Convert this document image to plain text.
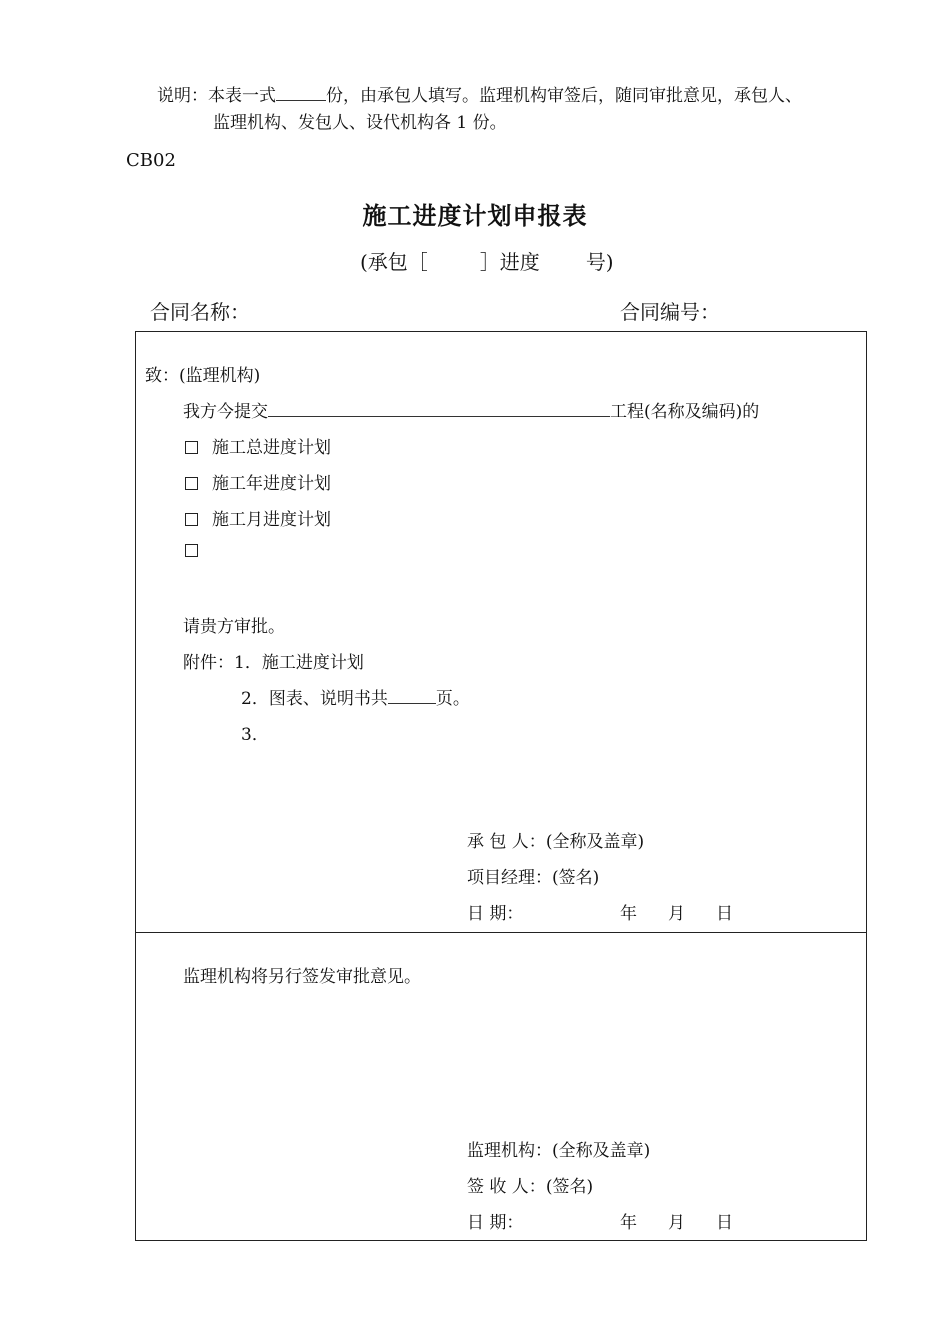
说明：本表一式	份，由承包人填写。监理机构审签后，随同审批意见，承包人、
监理机构、发包人、设代机构各 1 份。
CB02
施工进度计划申报表
(承包［	］进度 号)
合同名称：	合同编号：
致：(监理机构)
我方今提交	工程(名称及编码)的
施工总进度计划
施工年进度计划
施工月进度计划
请贵方审批。
附件：1．施工进度计划
2．图表、说明书共	页。
3．
承 包 人：(全称及盖章)
项目经理：(签名)
日 期：	年 月 日
监理机构将另行签发审批意见。
监理机构：(全称及盖章)
签 收 人：(签名)
日 期：	年 月 日
